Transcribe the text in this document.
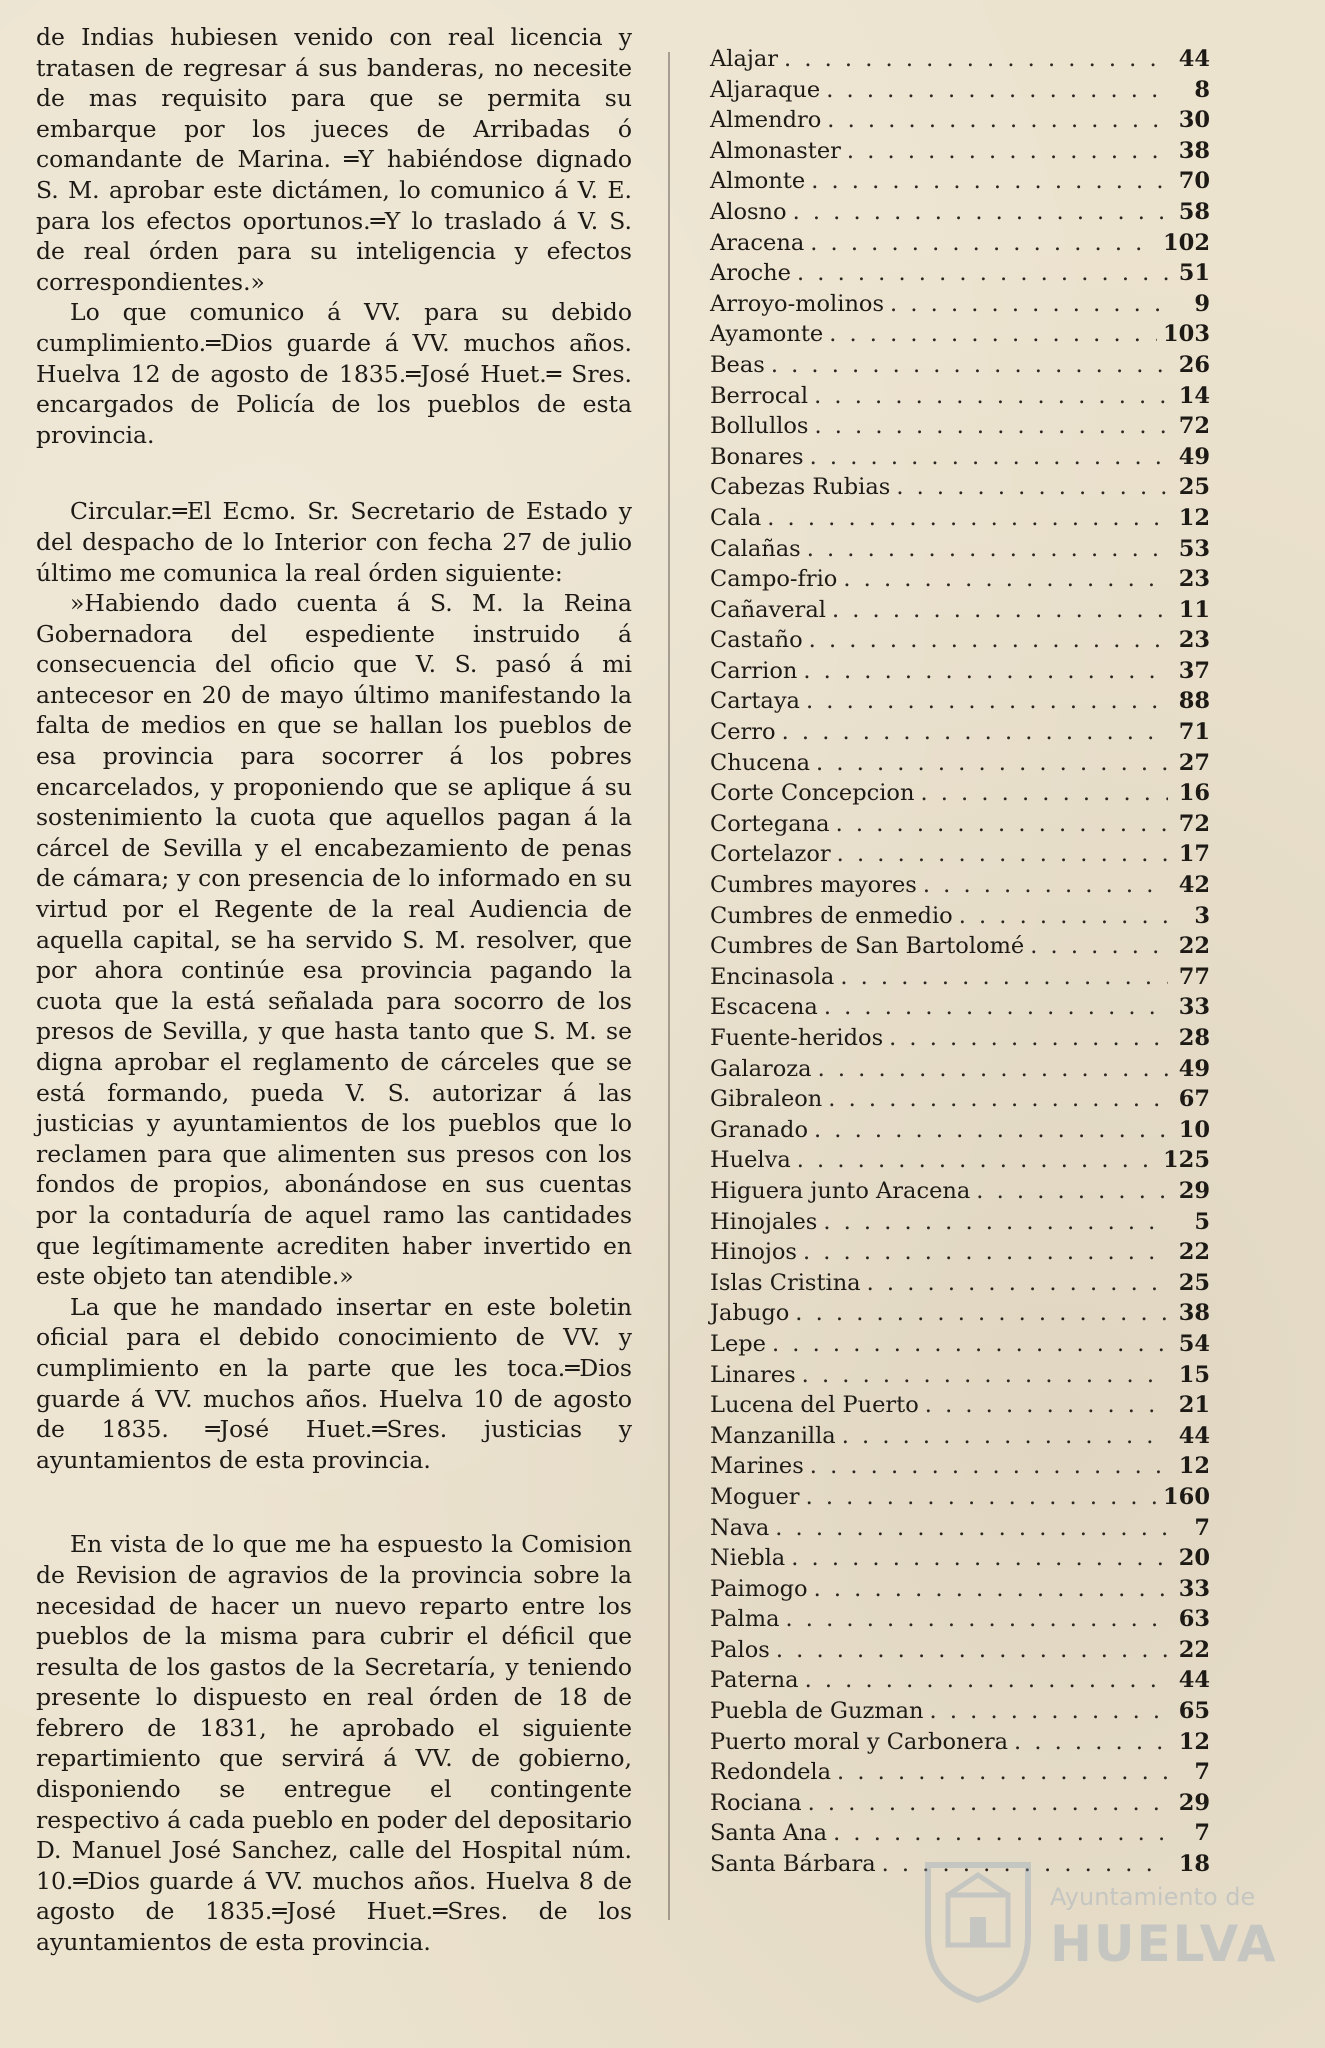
de Indias hubiesen venido con real licencia y tratasen de regresar á sus banderas, no necesite de mas requisito para que se permita su embarque por los jueces de Arribadas ó comandante de Marina. ═Y habiéndose dignado S. M. aprobar este dictámen, lo comunico á V. E. para los efectos oportunos.═Y lo traslado á V. S. de real órden para su inteligencia y efectos correspondientes.»

Lo que comunico á VV. para su debido cumplimiento.═Dios guarde á VV. muchos años. Huelva 12 de agosto de 1835.═José Huet.═ Sres. encargados de Policía de los pueblos de esta provincia.

Circular.═El Ecmo. Sr. Secretario de Estado y del despacho de lo Interior con fecha 27 de julio último me comunica la real órden siguiente:

»Habiendo dado cuenta á S. M. la Reina Gobernadora del espediente instruido á consecuencia del oficio que V. S. pasó á mi antecesor en 20 de mayo último manifestando la falta de medios en que se hallan los pueblos de esa provincia para socorrer á los pobres encarcelados, y proponiendo que se aplique á su sostenimiento la cuota que aquellos pagan á la cárcel de Sevilla y el encabezamiento de penas de cámara; y con presencia de lo informado en su virtud por el Regente de la real Audiencia de aquella capital, se ha servido S. M. resolver, que por ahora continúe esa provincia pagando la cuota que la está señalada para socorro de los presos de Sevilla, y que hasta tanto que S. M. se digna aprobar el reglamento de cárceles que se está formando, pueda V. S. autorizar á las justicias y ayuntamientos de los pueblos que lo reclamen para que alimenten sus presos con los fondos de propios, abonándose en sus cuentas por la contaduría de aquel ramo las cantidades que legítimamente acrediten haber invertido en este objeto tan atendible.»

La que he mandado insertar en este boletin oficial para el debido conocimiento de VV. y cumplimiento en la parte que les toca.═Dios guarde á VV. muchos años. Huelva 10 de agosto de 1835. ═José Huet.═Sres. justicias y ayuntamientos de esta provincia.

En vista de lo que me ha espuesto la Comision de Revision de agravios de la provincia sobre la necesidad de hacer un nuevo reparto entre los pueblos de la misma para cubrir el déficil que resulta de los gastos de la Secretaría, y teniendo presente lo dispuesto en real órden de 18 de febrero de 1831, he aprobado el siguiente repartimiento que servirá á VV. de gobierno, disponiendo se entregue el contingente respectivo á cada pueblo en poder del depositario D. Manuel José Sanchez, calle del Hospital núm. 10.═Dios guarde á VV. muchos años. Huelva 8 de agosto de 1835.═José Huet.═Sres. de los ayuntamientos de esta provincia.

Alajar . . .	44
Aljaraque . . .	8
Almendro . . .	30
Almonaster . . .	38
Almonte . . .	70
Alosno . . .	58
Aracena . . .	102
Aroche . . .	51
Arroyo-molinos . . .	9
Ayamonte . . .	103
Beas . . .	26
Berrocal . . .	14
Bollullos . . .	72
Bonares . . .	49
Cabezas Rubias . . .	25
Cala . . .	12
Calañas . . .	53
Campo-frio . . .	23
Cañaveral . . .	11
Castaño . . .	23
Carrion . . .	37
Cartaya . . .	88
Cerro . . .	71
Chucena . . .	27
Corte Concepcion . . .	16
Cortegana . . .	72
Cortelazor . . .	17
Cumbres mayores . . .	42
Cumbres de enmedio . . .	3
Cumbres de San Bartolomé . . .	22
Encinasola . . .	77
Escacena . . .	33
Fuente-heridos . . .	28
Galaroza . . .	49
Gibraleon . . .	67
Granado . . .	10
Huelva . . .	125
Higuera junto Aracena . . .	29
Hinojales . . .	5
Hinojos . . .	22
Islas Cristina . . .	25
Jabugo . . .	38
Lepe . . .	54
Linares . . .	15
Lucena del Puerto . . .	21
Manzanilla . . .	44
Marines . . .	12
Moguer . . .	160
Nava . . .	7
Niebla . . .	20
Paimogo . . .	33
Palma . . .	63
Palos . . .	22
Paterna . . .	44
Puebla de Guzman . . .	65
Puerto moral y Carbonera . . .	12
Redondela . . .	7
Rociana . . .	29
Santa Ana . . .	7
Santa Bárbara . . .	18
Ayuntamiento de
HUELVA
